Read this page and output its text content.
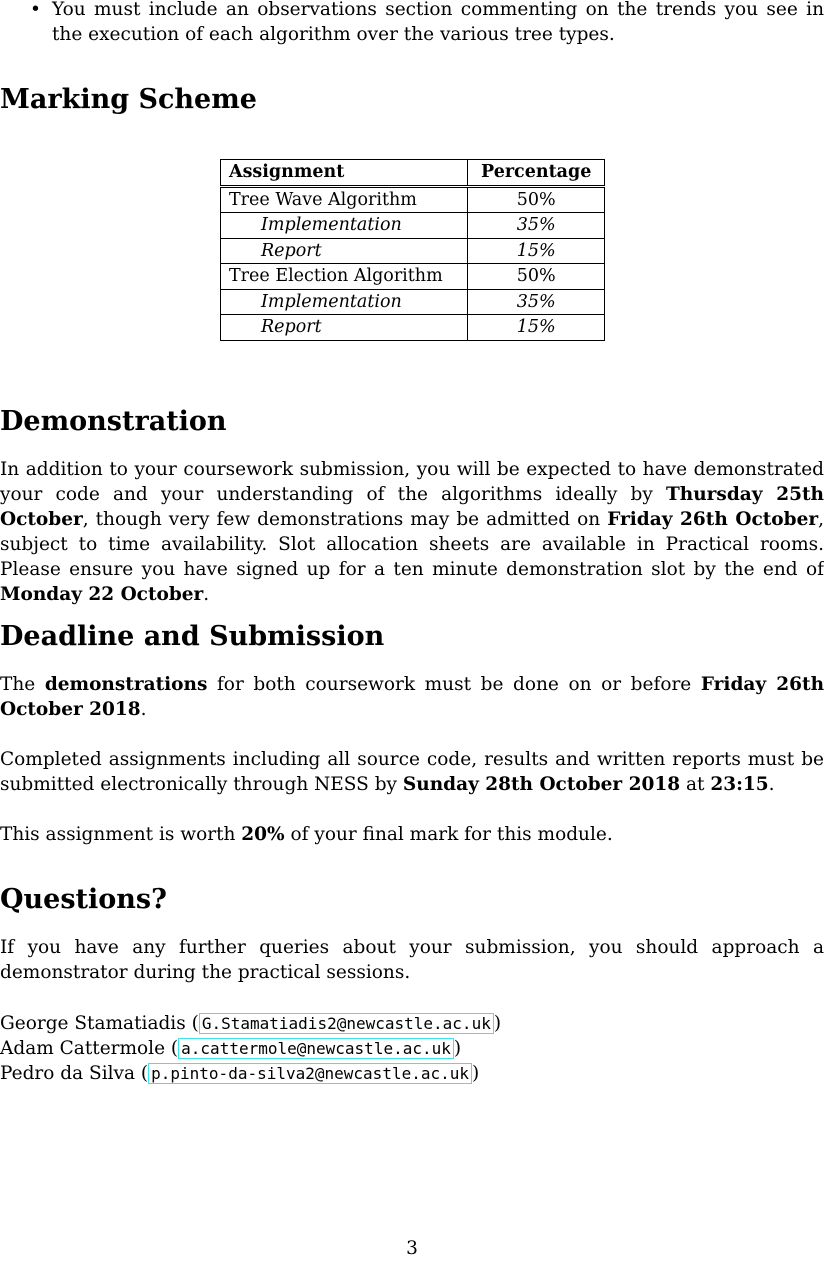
• You must include an observations section commenting on the trends you see in the execution of each algorithm over the various tree types.
Marking Scheme
Assignment	Percentage
Tree Wave Algorithm	50%
Implementation	35%
Report	15%
Tree Election Algorithm	50%
Implementation	35%
Report	15%
Demonstration

In addition to your coursework submission, you will be expected to have demonstrated your code and your understanding of the algorithms ideally by Thursday 25th October, though very few demonstrations may be admitted on Friday 26th October, subject to time availability. Slot allocation sheets are available in Practical rooms. Please ensure you have signed up for a ten minute demonstration slot by the end of Monday 22 October.

Deadline and Submission

The demonstrations for both coursework must be done on or before Friday 26th October 2018.

Completed assignments including all source code, results and written reports must be submitted electronically through NESS by Sunday 28th October 2018 at 23:15.

This assignment is worth 20% of your final mark for this module.

Questions?

If you have any further queries about your submission, you should approach a demonstrator during the practical sessions.

George Stamatiadis ( G.Stamatiadis2@newcastle.ac.uk )
Adam Cattermole ( a.cattermole@newcastle.ac.uk )
Pedro da Silva ( p.pinto-da-silva2@newcastle.ac.uk )
3
